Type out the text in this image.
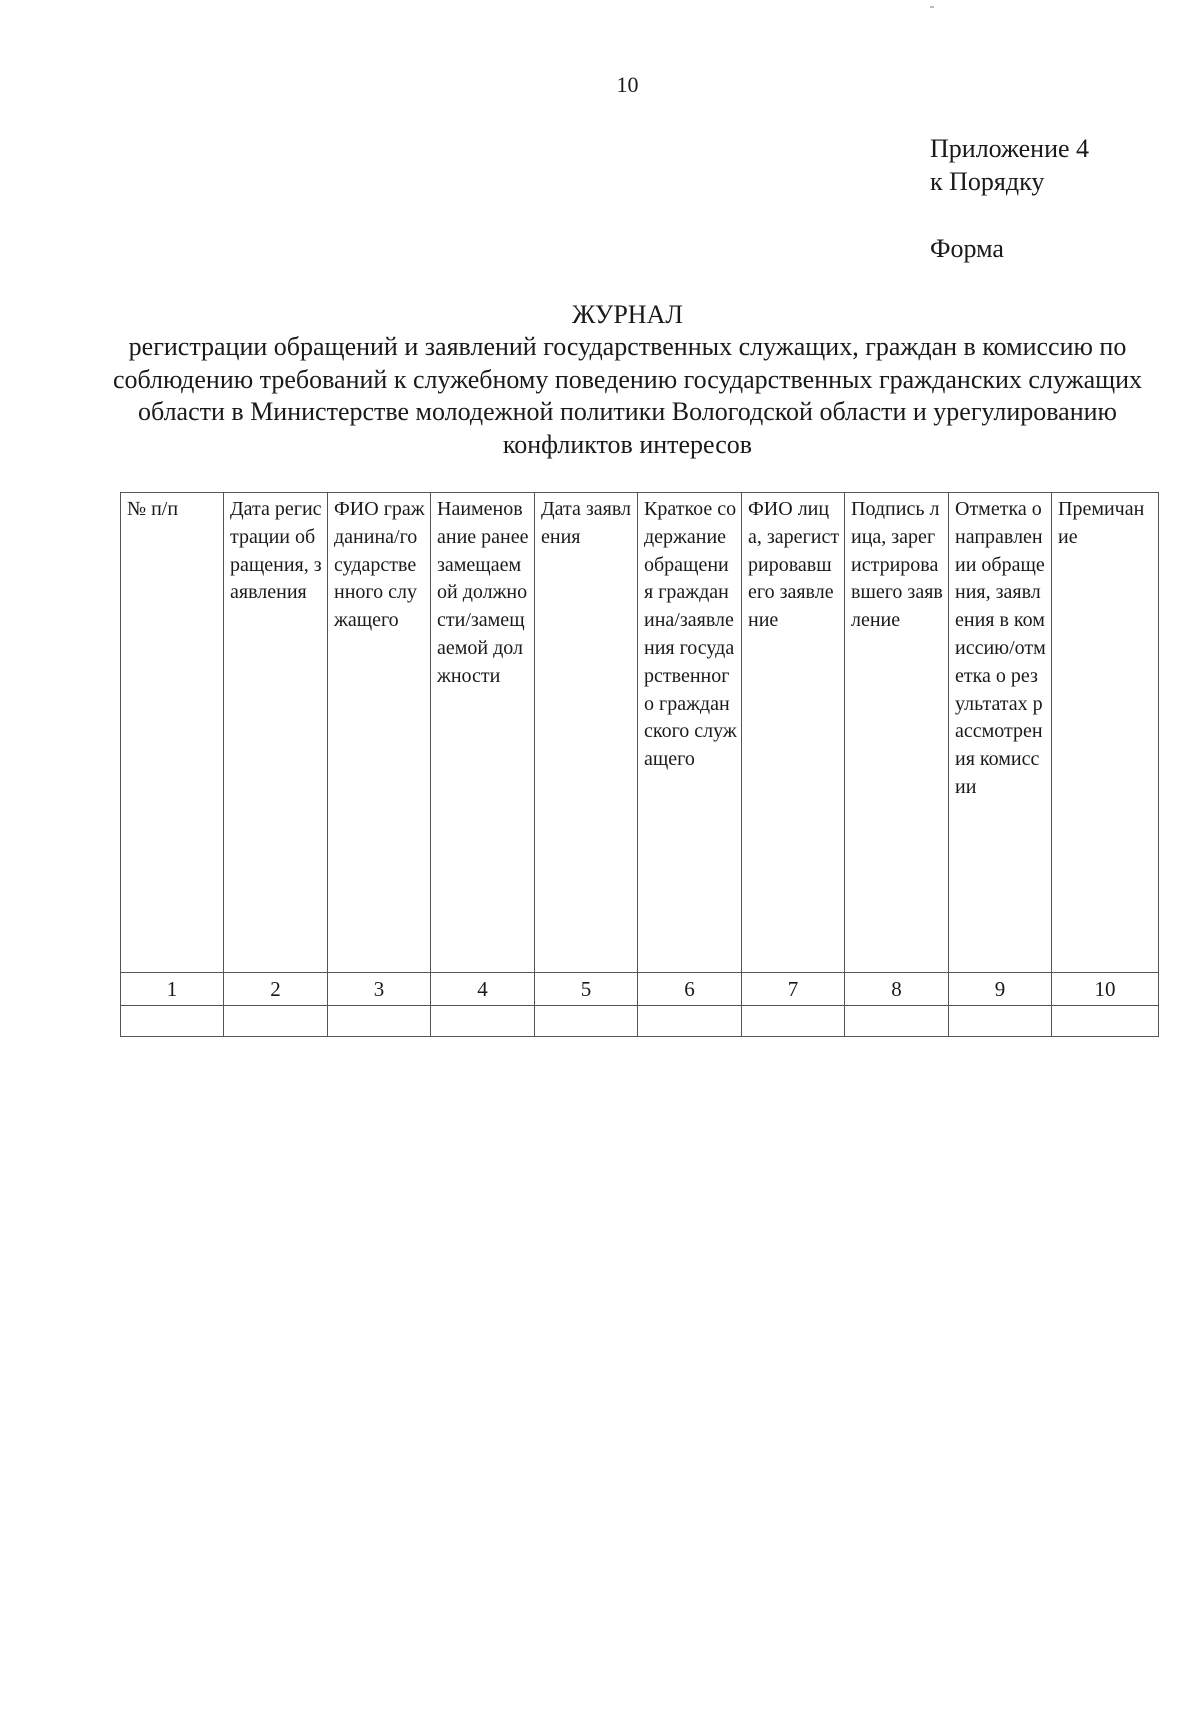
10
Приложение 4
к Порядку
Форма
ЖУРНАЛ
регистрации обращений и заявлений государственных служащих, граждан в комиссию по соблюдению требований к служебному поведению государственных гражданских служащих области в Министерстве молодежной политики Вологодской области и урегулированию конфликтов интересов
№ п/п	Дата регистрации обращения, заявления	ФИО гражданина/государственного служащего	Наименование ранее замещаемой должности/замещаемой должности	Дата заявления	Краткое содержание обращения гражданина/заявления государственного гражданского служащего	ФИО лица, зарегистрировавшего заявление	Подпись лица, зарегистрировавшего заявление	Отметка о направлении обращения, заявления в комиссию/отметка о результатах рассмотрения комиссии	Премичание

1	2	3	4	5	6	7	8	9	10
